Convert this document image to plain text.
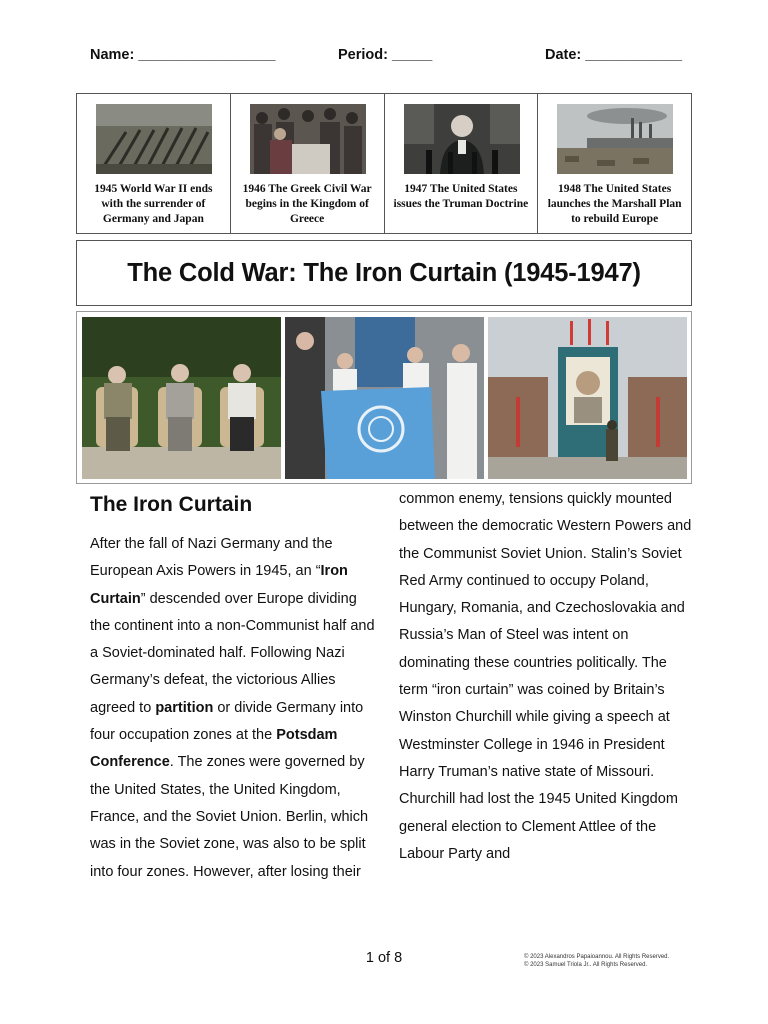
Name: _________________	Period: _____	Date: ____________
1945 World War II ends with the surrender of Germany and Japan
1946 The Greek Civil War begins in the Kingdom of Greece
1947 The United States issues the Truman Doctrine
1948 The United States launches the Marshall Plan to rebuild Europe
The Cold War: The Iron Curtain (1945-1947)
The Iron Curtain

After the fall of Nazi Germany and the European Axis Powers in 1945, an “Iron Curtain” descended over Europe dividing the continent into a non-Communist half and a Soviet-dominated half. Following Nazi Germany’s defeat, the victorious Allies agreed to partition or divide Germany into four occupation zones at the Potsdam Conference. The zones were governed by the United States, the United Kingdom, France, and the Soviet Union. Berlin, which was in the Soviet zone, was also to be split into four zones. However, after losing their

common enemy, tensions quickly mounted between the democratic Western Powers and the Communist Soviet Union. Stalin’s Soviet Red Army continued to occupy Poland, Hungary, Romania, and Czechoslovakia and Russia’s Man of Steel was intent on dominating these countries politically. The term “iron curtain” was coined by Britain’s Winston Churchill while giving a speech at Westminster College in 1946 in President Harry Truman’s native state of Missouri. Churchill had lost the 1945 United Kingdom general election to Clement Attlee of the Labour Party and

1 of 8	© 2023 Alexandros Papaioannou. All Rights Reserved.
© 2023 Samuel Triola Jr.. All Rights Reserved.
